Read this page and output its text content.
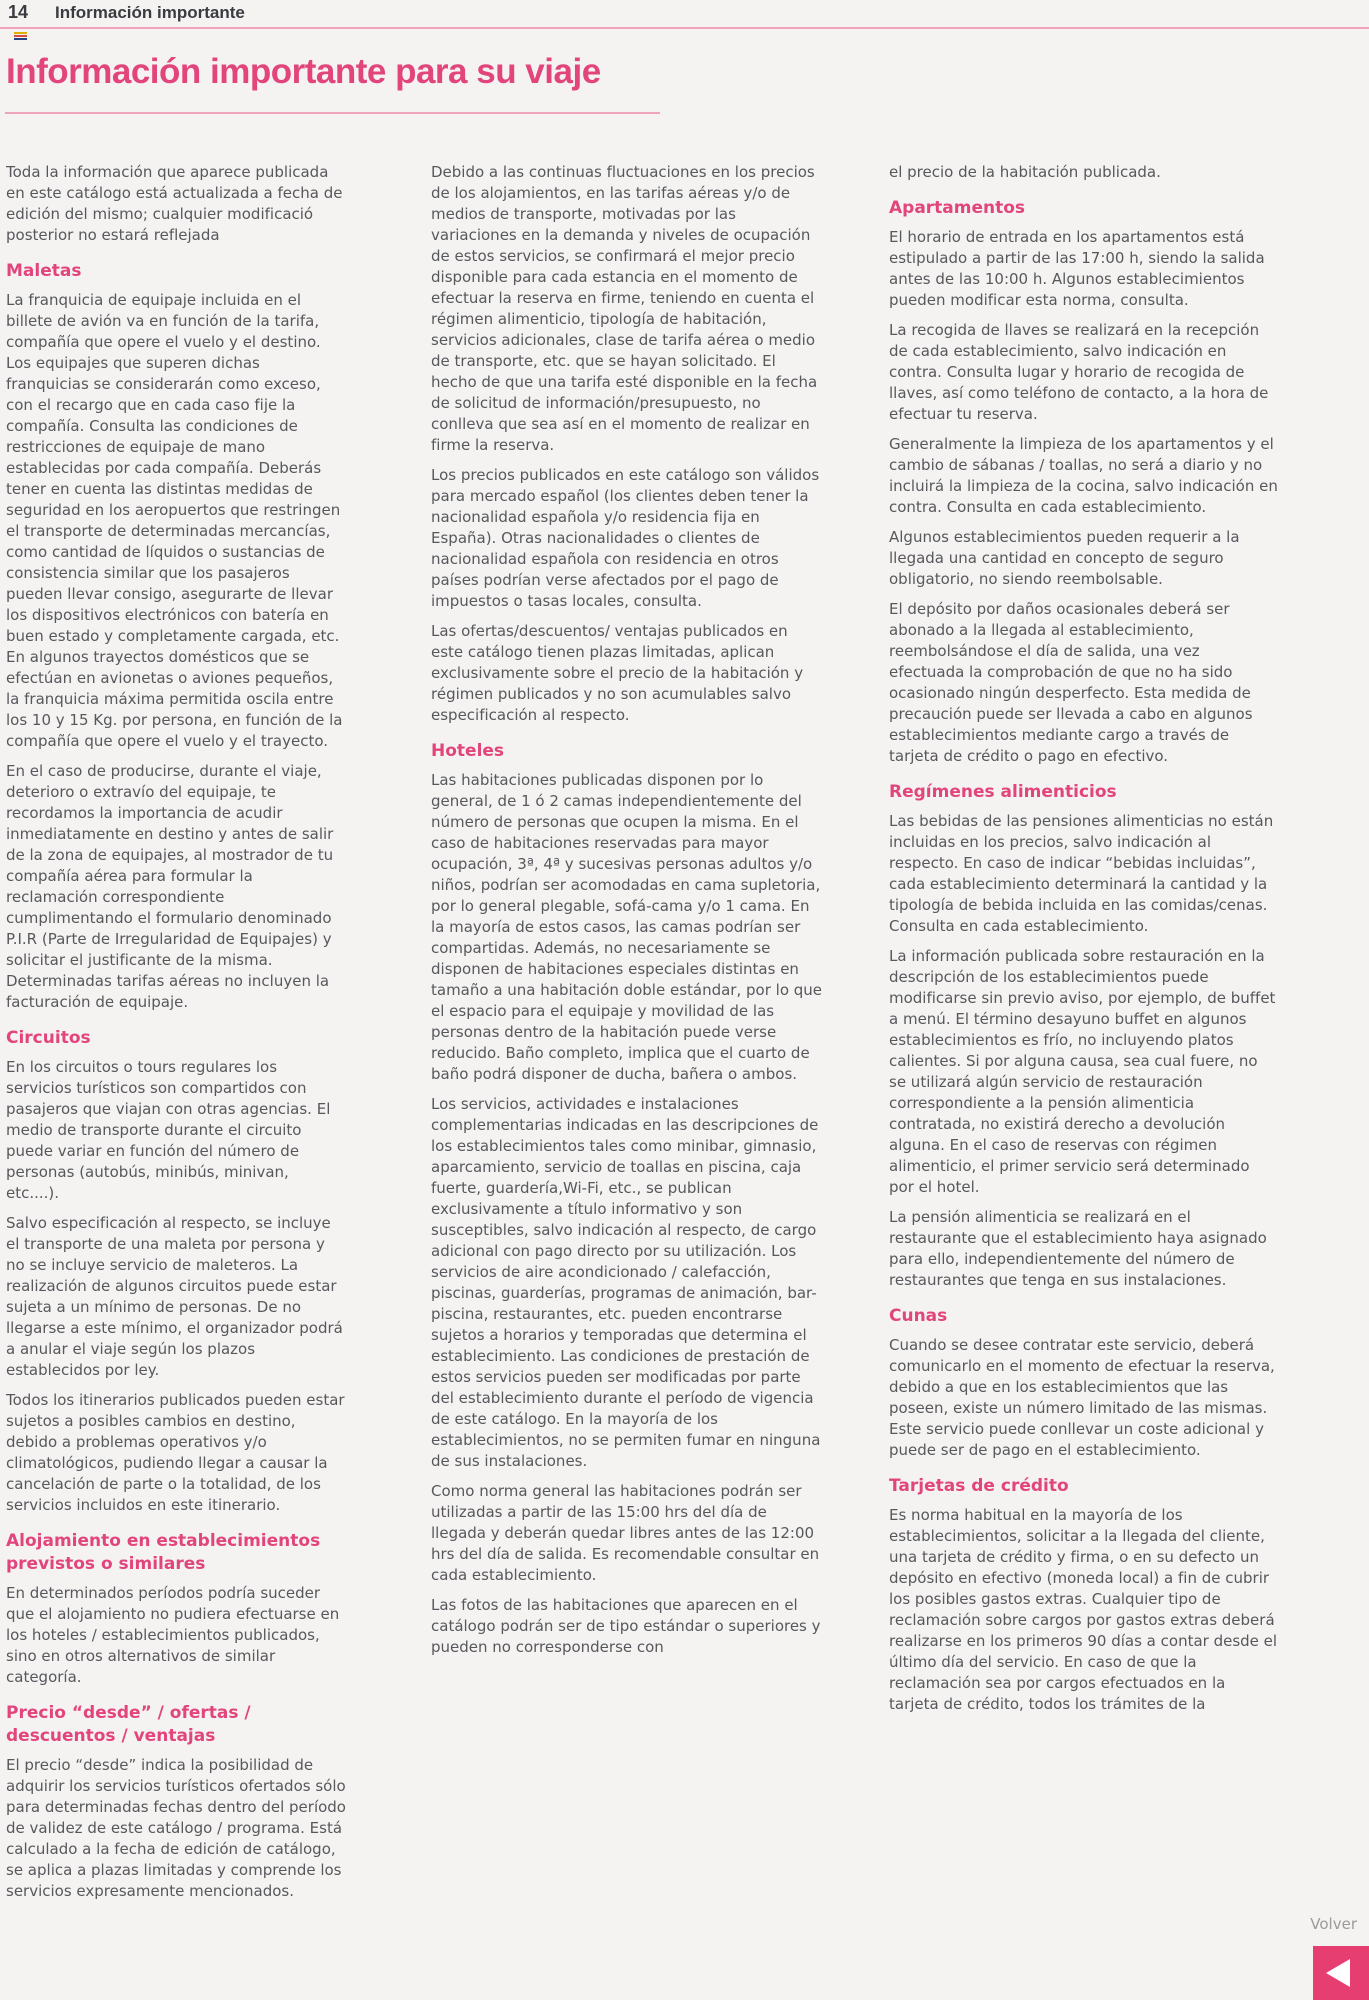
14 Información importante
Información importante para su viaje

Toda la información que aparece publicada en este catálogo está actualizada a fecha de edición del mismo; cualquier modificació posterior no estará reflejada

Maletas

La franquicia de equipaje incluida en el billete de avión va en función de la tarifa, compañía que opere el vuelo y el destino. Los equipajes que superen dichas franquicias se considerarán como exceso, con el recargo que en cada caso fije la compañía. Consulta las condiciones de restricciones de equipaje de mano establecidas por cada compañía. Deberás tener en cuenta las distintas medidas de seguridad en los aeropuertos que restringen el transporte de determinadas mercancías, como cantidad de líquidos o sustancias de consistencia similar que los pasajeros pueden llevar consigo, asegurarte de llevar los dispositivos electrónicos con batería en buen estado y completamente cargada, etc. En algunos trayectos domésticos que se efectúan en avionetas o aviones pequeños, la franquicia máxima permitida oscila entre los 10 y 15 Kg. por persona, en función de la compañía que opere el vuelo y el trayecto.

En el caso de producirse, durante el viaje, deterioro o extravío del equipaje, te recordamos la importancia de acudir inmediatamente en destino y antes de salir de la zona de equipajes, al mostrador de tu compañía aérea para formular la reclamación correspondiente cumplimentando el formulario denominado P.I.R (Parte de Irregularidad de Equipajes) y solicitar el justificante de la misma. Determinadas tarifas aéreas no incluyen la facturación de equipaje.

Circuitos

En los circuitos o tours regulares los servicios turísticos son compartidos con pasajeros que viajan con otras agencias. El medio de transporte durante el circuito puede variar en función del número de personas (autobús, minibús, minivan, etc....).

Salvo especificación al respecto, se incluye el transporte de una maleta por persona y no se incluye servicio de maleteros. La realización de algunos circuitos puede estar sujeta a un mínimo de personas. De no llegarse a este mínimo, el organizador podrá a anular el viaje según los plazos establecidos por ley.

Todos los itinerarios publicados pueden estar sujetos a posibles cambios en destino, debido a problemas operativos y/o climatológicos, pudiendo llegar a causar la cancelación de parte o la totalidad, de los servicios incluidos en este itinerario.

Alojamiento en establecimientos previstos o similares

En determinados períodos podría suceder que el alojamiento no pudiera efectuarse en los hoteles / establecimientos publicados, sino en otros alternativos de similar categoría.

Precio “desde” / ofertas / descuentos / ventajas

El precio “desde” indica la posibilidad de adquirir los servicios turísticos ofertados sólo para determinadas fechas dentro del período de validez de este catálogo / programa. Está calculado a la fecha de edición de catálogo, se aplica a plazas limitadas y comprende los servicios expresamente mencionados.

Debido a las continuas fluctuaciones en los precios de los alojamientos, en las tarifas aéreas y/o de medios de transporte, motivadas por las variaciones en la demanda y niveles de ocupación de estos servicios, se confirmará el mejor precio disponible para cada estancia en el momento de efectuar la reserva en firme, teniendo en cuenta el régimen alimenticio, tipología de habitación, servicios adicionales, clase de tarifa aérea o medio de transporte, etc. que se hayan solicitado. El hecho de que una tarifa esté disponible en la fecha de solicitud de información/presupuesto, no conlleva que sea así en el momento de realizar en firme la reserva.

Los precios publicados en este catálogo son válidos para mercado español (los clientes deben tener la nacionalidad española y/o residencia fija en España). Otras nacionalidades o clientes de nacionalidad española con residencia en otros países podrían verse afectados por el pago de impuestos o tasas locales, consulta.

Las ofertas/descuentos/ ventajas publicados en este catálogo tienen plazas limitadas, aplican exclusivamente sobre el precio de la habitación y régimen publicados y no son acumulables salvo especificación al respecto.

Hoteles

Las habitaciones publicadas disponen por lo general, de 1 ó 2 camas independientemente del número de personas que ocupen la misma. En el caso de habitaciones reservadas para mayor ocupación, 3ª, 4ª y sucesivas personas adultos y/o niños, podrían ser acomodadas en cama supletoria, por lo general plegable, sofá-cama y/o 1 cama. En la mayoría de estos casos, las camas podrían ser compartidas. Además, no necesariamente se disponen de habitaciones especiales distintas en tamaño a una habitación doble estándar, por lo que el espacio para el equipaje y movilidad de las personas dentro de la habitación puede verse reducido. Baño completo, implica que el cuarto de baño podrá disponer de ducha, bañera o ambos.

Los servicios, actividades e instalaciones complementarias indicadas en las descripciones de los establecimientos tales como minibar, gimnasio, aparcamiento, servicio de toallas en piscina, caja fuerte, guardería,Wi-Fi, etc., se publican exclusivamente a título informativo y son susceptibles, salvo indicación al respecto, de cargo adicional con pago directo por su utilización. Los servicios de aire acondicionado / calefacción, piscinas, guarderías, programas de animación, bar-piscina, restaurantes, etc. pueden encontrarse sujetos a horarios y temporadas que determina el establecimiento. Las condiciones de prestación de estos servicios pueden ser modificadas por parte del establecimiento durante el período de vigencia de este catálogo. En la mayoría de los establecimientos, no se permiten fumar en ninguna de sus instalaciones.

Como norma general las habitaciones podrán ser utilizadas a partir de las 15:00 hrs del día de llegada y deberán quedar libres antes de las 12:00 hrs del día de salida. Es recomendable consultar en cada establecimiento.

Las fotos de las habitaciones que aparecen en el catálogo podrán ser de tipo estándar o superiores y pueden no corresponderse con

el precio de la habitación publicada.

Apartamentos

El horario de entrada en los apartamentos está estipulado a partir de las 17:00 h, siendo la salida antes de las 10:00 h. Algunos establecimientos pueden modificar esta norma, consulta.

La recogida de llaves se realizará en la recepción de cada establecimiento, salvo indicación en contra. Consulta lugar y horario de recogida de llaves, así como teléfono de contacto, a la hora de efectuar tu reserva.

Generalmente la limpieza de los apartamentos y el cambio de sábanas / toallas, no será a diario y no incluirá la limpieza de la cocina, salvo indicación en contra. Consulta en cada establecimiento.

Algunos establecimientos pueden requerir a la llegada una cantidad en concepto de seguro obligatorio, no siendo reembolsable.

El depósito por daños ocasionales deberá ser abonado a la llegada al establecimiento, reembolsándose el día de salida, una vez efectuada la comprobación de que no ha sido ocasionado ningún desperfecto. Esta medida de precaución puede ser llevada a cabo en algunos establecimientos mediante cargo a través de tarjeta de crédito o pago en efectivo.

Regímenes alimenticios

Las bebidas de las pensiones alimenticias no están incluidas en los precios, salvo indicación al respecto. En caso de indicar “bebidas incluidas”, cada establecimiento determinará la cantidad y la tipología de bebida incluida en las comidas/cenas. Consulta en cada establecimiento.

La información publicada sobre restauración en la descripción de los establecimientos puede modificarse sin previo aviso, por ejemplo, de buffet a menú. El término desayuno buffet en algunos establecimientos es frío, no incluyendo platos calientes. Si por alguna causa, sea cual fuere, no se utilizará algún servicio de restauración correspondiente a la pensión alimenticia contratada, no existirá derecho a devolución alguna. En el caso de reservas con régimen alimenticio, el primer servicio será determinado por el hotel.

La pensión alimenticia se realizará en el restaurante que el establecimiento haya asignado para ello, independientemente del número de restaurantes que tenga en sus instalaciones.

Cunas

Cuando se desee contratar este servicio, deberá comunicarlo en el momento de efectuar la reserva, debido a que en los establecimientos que las poseen, existe un número limitado de las mismas. Este servicio puede conllevar un coste adicional y puede ser de pago en el establecimiento.

Tarjetas de crédito

Es norma habitual en la mayoría de los establecimientos, solicitar a la llegada del cliente, una tarjeta de crédito y firma, o en su defecto un depósito en efectivo (moneda local) a fin de cubrir los posibles gastos extras. Cualquier tipo de reclamación sobre cargos por gastos extras deberá realizarse en los primeros 90 días a contar desde el último día del servicio. En caso de que la reclamación sea por cargos efectuados en la tarjeta de crédito, todos los trámites de la

Volver
